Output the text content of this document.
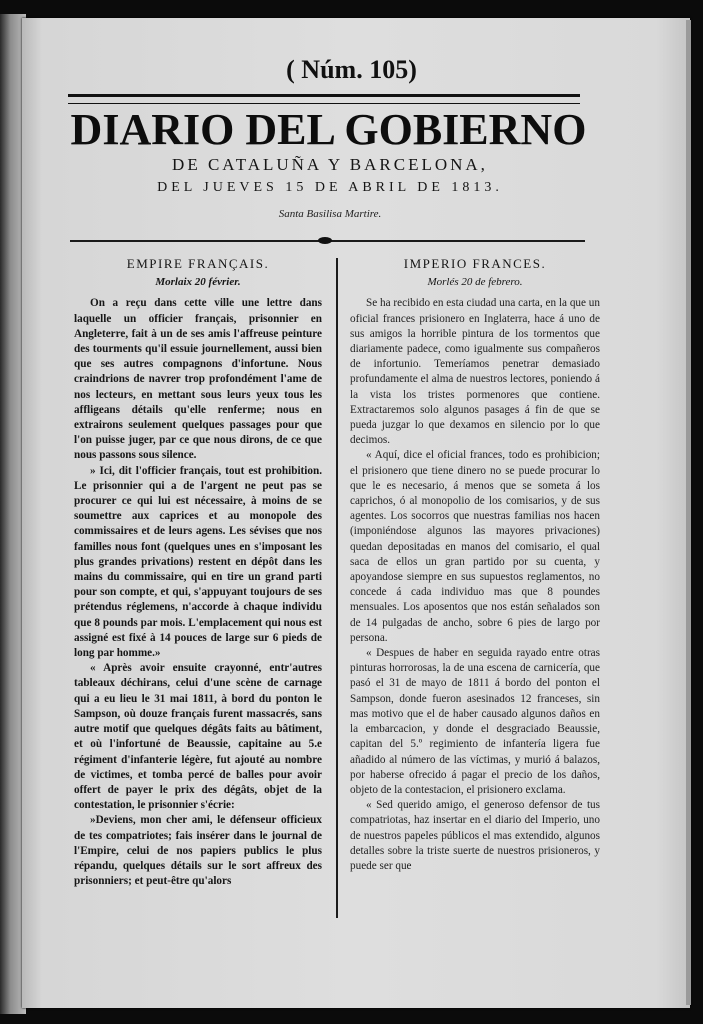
( Núm. 105)
DIARIO DEL GOBIERNO
DE CATALUÑA Y BARCELONA,
DEL JUEVES 15 DE ABRIL DE 1813.
Santa Basilisa Martire.
EMPIRE FRANÇAIS.
Morlaix 20 février.

On a reçu dans cette ville une lettre dans laquelle un officier français, prisonnier en Angleterre, fait à un de ses amis l'affreuse peinture des tourments qu'il essuie journellement, aussi bien que ses autres compagnons d'infortune. Nous craindrions de navrer trop profondément l'ame de nos lecteurs, en mettant sous leurs yeux tous les affligeans détails qu'elle renferme; nous en extrairons seulement quelques passages pour que l'on puisse juger, par ce que nous dirons, de ce que nous passons sous silence.

» Ici, dit l'officier français, tout est prohibition. Le prisonnier qui a de l'argent ne peut pas se procurer ce qui lui est nécessaire, à moins de se soumettre aux caprices et au monopole des commissaires et de leurs agens. Les sévises que nos familles nous font (quelques unes en s'imposant les plus grandes privations) restent en dépôt dans les mains du commissaire, qui en tire un grand parti pour son compte, et qui, s'appuyant toujours de ses prétendus réglemens, n'accorde à chaque individu que 8 pounds par mois. L'emplacement qui nous est assigné est fixé à 14 pouces de large sur 6 pieds de long par homme.»

« Après avoir ensuite crayonné, entr'autres tableaux déchirans, celui d'une scène de carnage qui a eu lieu le 31 mai 1811, à bord du ponton le Sampson, où douze français furent massacrés, sans autre motif que quelques dégâts faits au bâtiment, et où l'infortuné de Beaussie, capitaine au 5.e régiment d'infanterie légère, fut ajouté au nombre de victimes, et tomba percé de balles pour avoir offert de payer le prix des dégâts, objet de la contestation, le prisonnier s'écrie:

»Deviens, mon cher ami, le défenseur officieux de tes compatriotes; fais insérer dans le journal de l'Empire, celui de nos papiers publics le plus répandu, quelques détails sur le sort affreux des prisonniers; et peut-être qu'alors

IMPERIO FRANCES.
Morlés 20 de febrero.

Se ha recibido en esta ciudad una carta, en la que un oficial frances prisionero en Inglaterra, hace á uno de sus amigos la horrible pintura de los tormentos que diariamente padece, como igualmente sus compañeros de infortunio. Temeríamos penetrar demasiado profundamente el alma de nuestros lectores, poniendo á la vista los tristes pormenores que contiene. Extractaremos solo algunos pasages á fin de que se pueda juzgar lo que dexamos en silencio por lo que decimos.

« Aquí, dice el oficial frances, todo es prohibicion; el prisionero que tiene dinero no se puede procurar lo que le es necesario, á menos que se someta á los caprichos, ó al monopolio de los comisarios, y de sus agentes. Los socorros que nuestras familias nos hacen (imponiéndose algunos las mayores privaciones) quedan depositadas en manos del comisario, el qual saca de ellos un gran partido por su cuenta, y apoyandose siempre en sus supuestos reglamentos, no concede á cada individuo mas que 8 poundes mensuales. Los aposentos que nos están señalados son de 14 pulgadas de ancho, sobre 6 pies de largo por persona.

« Despues de haber en seguida rayado entre otras pinturas horrorosas, la de una escena de carnicería, que pasó el 31 de mayo de 1811 á bordo del ponton el Sampson, donde fueron asesinados 12 franceses, sin mas motivo que el de haber causado algunos daños en la embarcacion, y donde el desgraciado Beaussie, capitan del 5.º regimiento de infantería ligera fue añadido al número de las víctimas, y murió á balazos, por haberse ofrecido á pagar el precio de los daños, objeto de la contestacion, el prisionero exclama.

« Sed querido amigo, el generoso defensor de tus compatriotas, haz insertar en el diario del Imperio, uno de nuestros papeles públicos el mas extendido, algunos detalles sobre la triste suerte de nuestros prisioneros, y puede ser que
